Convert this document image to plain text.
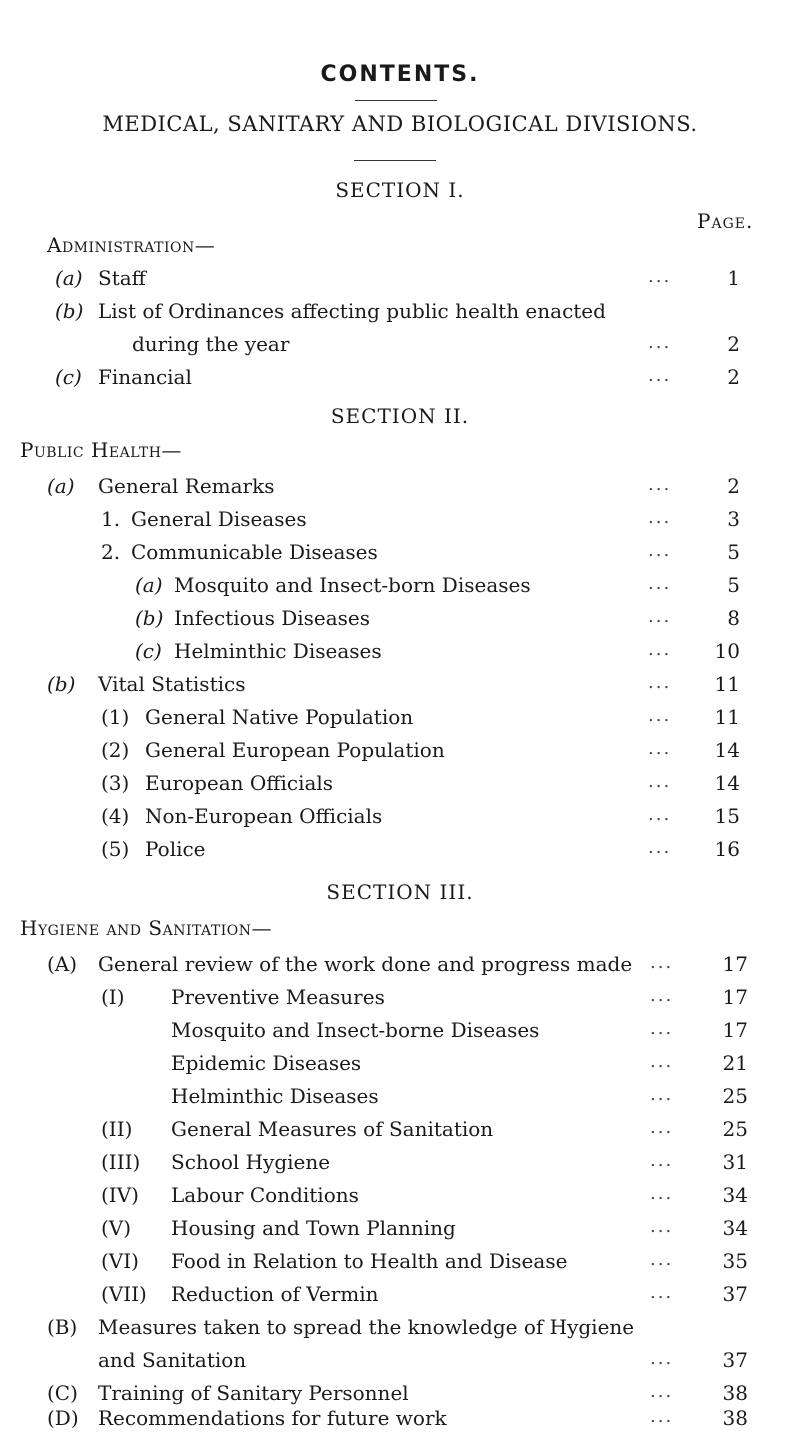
CONTENTS.
MEDICAL, SANITARY AND BIOLOGICAL DIVISIONS.
SECTION I.
Page.
Administration—
(a) Staff	...	1
(b) List of Ordinances affecting public health enacted
during the year	...	2
(c) Financial	...	2
SECTION II.
Public Health—
(a) General Remarks	...	2
1. General Diseases	...	3
2. Communicable Diseases	...	5
(a) Mosquito and Insect-born Diseases	...	5
(b) Infectious Diseases	...	8
(c) Helminthic Diseases	...	10
(b) Vital Statistics	...	11
(1) General Native Population	...	11
(2) General European Population	...	14
(3) European Officials	...	14
(4) Non-European Officials	...	15
(5) Police	...	16
SECTION III.
Hygiene and Sanitation—
(A) General review of the work done and progress made ...	17
(I) Preventive Measures	...	17
Mosquito and Insect-borne Diseases	...	17
Epidemic Diseases	...	21
Helminthic Diseases	...	25
(II) General Measures of Sanitation	...	25
(III) School Hygiene	...	31
(IV) Labour Conditions	...	34
(V) Housing and Town Planning	...	34
(VI) Food in Relation to Health and Disease	...	35
(VII) Reduction of Vermin	...	37
(B) Measures taken to spread the knowledge of Hygiene
and Sanitation	...	37
(C) Training of Sanitary Personnel	...	38
(D) Recommendations for future work	...	38
